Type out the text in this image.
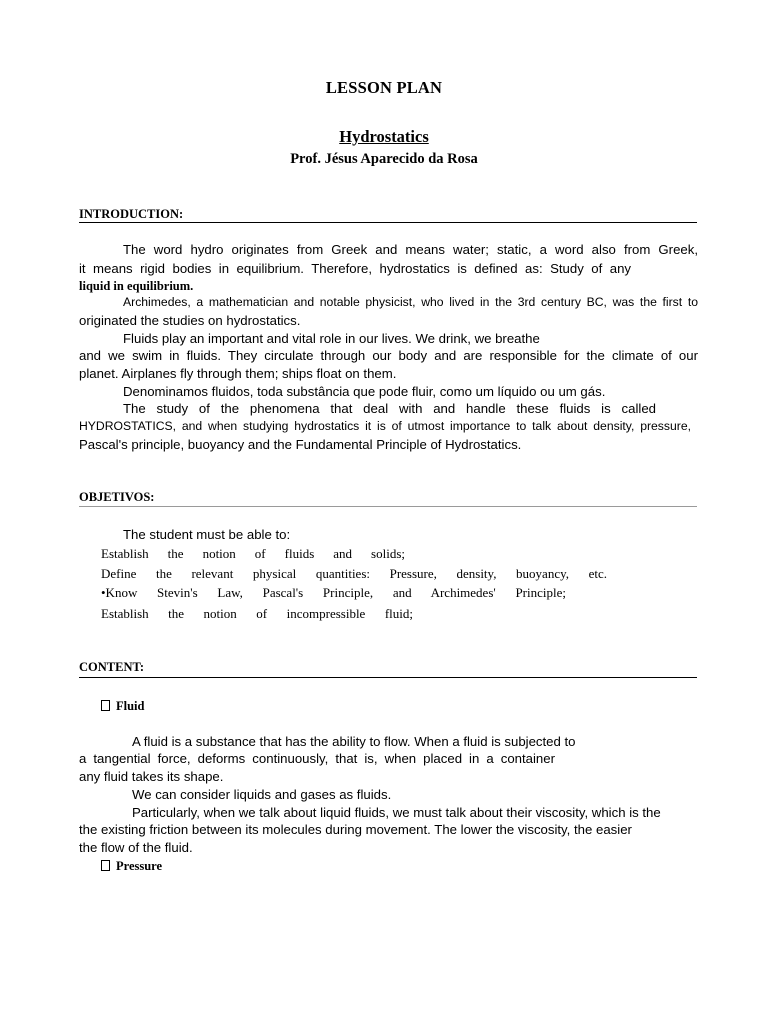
LESSON PLAN
Hydrostatics
Prof. Jésus Aparecido da Rosa
INTRODUCTION:
The word hydro originates from Greek and means water; static, a word also from Greek,
it means rigid bodies in equilibrium. Therefore, hydrostatics is defined as: Study of any
liquid in equilibrium.
Archimedes, a mathematician and notable physicist, who lived in the 3rd century BC, was the first to
originated the studies on hydrostatics.
Fluids play an important and vital role in our lives. We drink, we breathe
and we swim in fluids. They circulate through our body and are responsible for the climate of our
planet. Airplanes fly through them; ships float on them.
Denominamos fluidos, toda substância que pode fluir, como um líquido ou um gás.
The study of the phenomena that deal with and handle these fluids is called
HYDROSTATICS, and when studying hydrostatics it is of utmost importance to talk about density, pressure,
Pascal's principle, buoyancy and the Fundamental Principle of Hydrostatics.
OBJETIVOS:
The student must be able to:
Establish the notion of fluids and solids;
Define the relevant physical quantities: Pressure, density, buoyancy, etc.
•Know Stevin's Law, Pascal's Principle, and Archimedes' Principle;
Establish the notion of incompressible fluid;
CONTENT:
Fluid
A fluid is a substance that has the ability to flow. When a fluid is subjected to
a tangential force, deforms continuously, that is, when placed in a container
any fluid takes its shape.
We can consider liquids and gases as fluids.
Particularly, when we talk about liquid fluids, we must talk about their viscosity, which is the
the existing friction between its molecules during movement. The lower the viscosity, the easier
the flow of the fluid.
Pressure
